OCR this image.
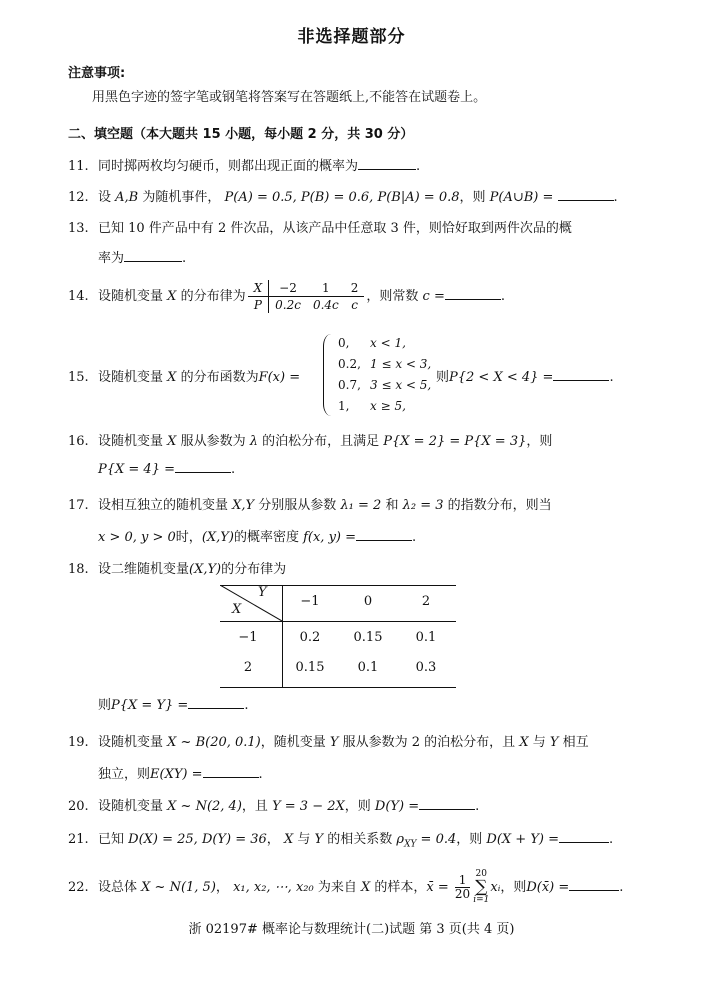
非选择题部分
注意事项:
用黑色字迹的签字笔或钢笔将答案写在答题纸上,不能答在试题卷上。
二、填空题（本大题共 15 小题，每小题 2 分，共 30 分）
11. 同时掷两枚均匀硬币，则都出现正面的概率为	.
12. 设 A,B 为随机事件， P(A) = 0.5, P(B) = 0.6, P(B|A) = 0.8，则 P(A∪B) =	.
13. 已知 10 件产品中有 2 件次品，从该产品中任意取 3 件，则恰好取到两件次品的概
率为	.
14. 设随机变量 X 的分布律为X	−2	1	2
P	0.2c	0.4c	c，则常数 c =	.
15. 设随机变量 X 的分布函数为F(x) =
0, x < 1,
0.2, 1 ≤ x < 3,
0.7, 3 ≤ x < 5,
1, x ≥ 5,
则P{2 < X < 4} =	.
16. 设随机变量 X 服从参数为 λ 的泊松分布，且满足 P{X = 2} = P{X = 3}，则
P{X = 4} =	.
17. 设相互独立的随机变量 X,Y 分别服从参数 λ₁ = 2 和 λ₂ = 3 的指数分布，则当
x > 0, y > 0时，(X,Y)的概率密度 f(x, y) =	.
18. 设二维随机变量(X,Y)的分布律为
Y
X
−1	0	2
−1	0.2	0.15	0.1
2	0.15	0.1	0.3
则P{X = Y} =	.
19. 设随机变量 X ~ B(20, 0.1)，随机变量 Y 服从参数为 2 的泊松分布，且 X 与 Y 相互
独立，则E(XY) =	.
20. 设随机变量 X ~ N(2, 4)，且 Y = 3 − 2X，则 D(Y) =	.
21. 已知 D(X) = 25, D(Y) = 36， X 与 Y 的相关系数 $\rho_{XY} = 0.4$，则 D(X + Y) =	.
22. 设总体 X ~ N(1, 5)， x₁, x₂, ⋯, x₂₀ 为来自 X 的样本，x̄ = $\frac{1}{20} 20$
∑
i=1
xᵢ，则D(x̄) =	.
浙 02197# 概率论与数理统计(二)试题 第 3 页(共 4 页)
